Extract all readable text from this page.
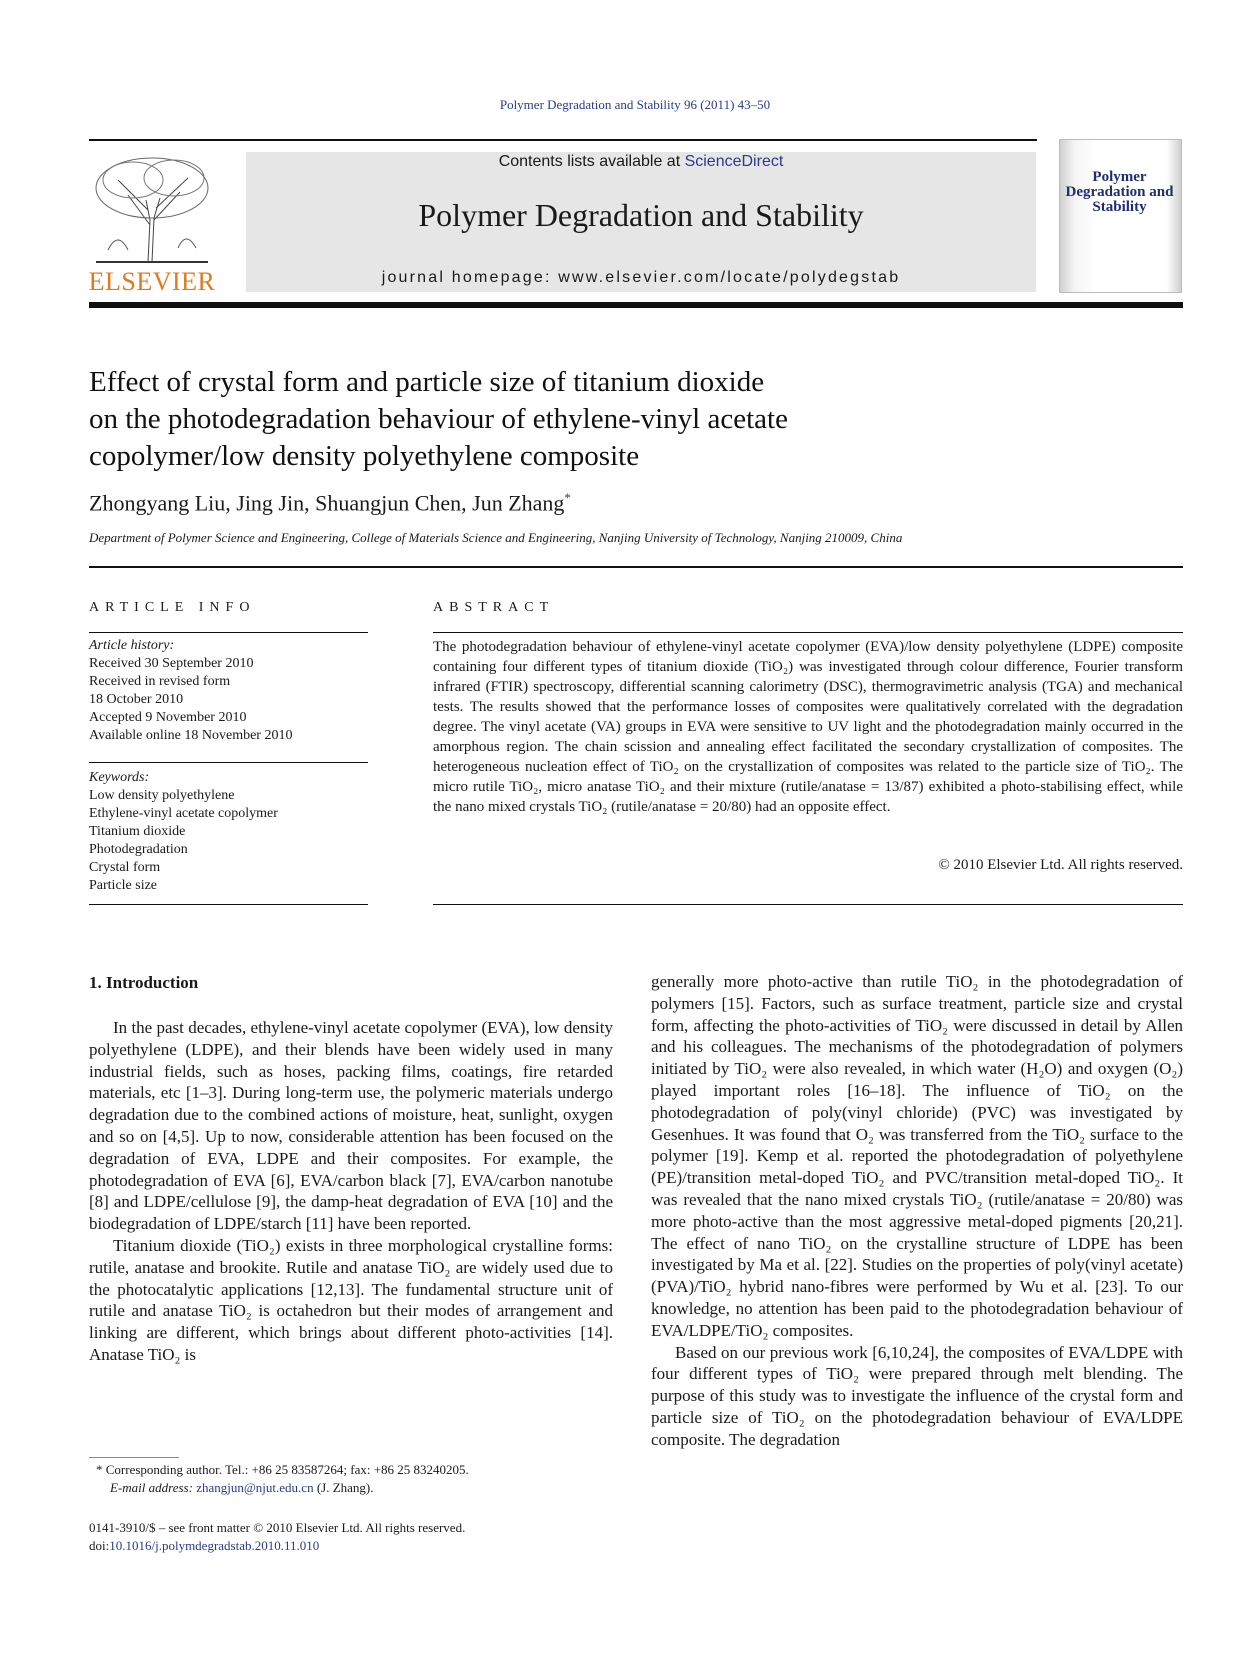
Polymer Degradation and Stability 96 (2011) 43–50
ELSEVIER
Contents lists available at ScienceDirect
Polymer Degradation and Stability
journal homepage: www.elsevier.com/locate/polydegstab
Polymer Degradation and Stability
Effect of crystal form and particle size of titanium dioxide
on the photodegradation behaviour of ethylene-vinyl acetate
copolymer/low density polyethylene composite
Zhongyang Liu, Jing Jin, Shuangjun Chen, Jun Zhang*
Department of Polymer Science and Engineering, College of Materials Science and Engineering, Nanjing University of Technology, Nanjing 210009, China
ARTICLE INFO
Article history:
Received 30 September 2010
Received in revised form
18 October 2010
Accepted 9 November 2010
Available online 18 November 2010
Keywords:
Low density polyethylene
Ethylene-vinyl acetate copolymer
Titanium dioxide
Photodegradation
Crystal form
Particle size
ABSTRACT
The photodegradation behaviour of ethylene-vinyl acetate copolymer (EVA)/low density polyethylene (LDPE) composite containing four different types of titanium dioxide (TiO₂) was investigated through colour difference, Fourier transform infrared (FTIR) spectroscopy, differential scanning calorimetry (DSC), thermogravimetric analysis (TGA) and mechanical tests. The results showed that the performance losses of composites were qualitatively correlated with the degradation degree. The vinyl acetate (VA) groups in EVA were sensitive to UV light and the photodegradation mainly occurred in the amorphous region. The chain scission and annealing effect facilitated the secondary crystallization of composites. The heterogeneous nucleation effect of TiO₂ on the crystallization of composites was related to the particle size of TiO₂. The micro rutile TiO₂, micro anatase TiO₂ and their mixture (rutile/anatase = 13/87) exhibited a photo-stabilising effect, while the nano mixed crystals TiO₂ (rutile/anatase = 20/80) had an opposite effect.
© 2010 Elsevier Ltd. All rights reserved.
1. Introduction

In the past decades, ethylene-vinyl acetate copolymer (EVA), low density polyethylene (LDPE), and their blends have been widely used in many industrial fields, such as hoses, packing films, coatings, fire retarded materials, etc [1–3]. During long-term use, the polymeric materials undergo degradation due to the combined actions of moisture, heat, sunlight, oxygen and so on [4,5]. Up to now, considerable attention has been focused on the degradation of EVA, LDPE and their composites. For example, the photodegradation of EVA [6], EVA/carbon black [7], EVA/carbon nanotube [8] and LDPE/cellulose [9], the damp-heat degradation of EVA [10] and the biodegradation of LDPE/starch [11] have been reported.

Titanium dioxide (TiO₂) exists in three morphological crystalline forms: rutile, anatase and brookite. Rutile and anatase TiO₂ are widely used due to the photocatalytic applications [12,13]. The fundamental structure unit of rutile and anatase TiO₂ is octahedron but their modes of arrangement and linking are different, which brings about different photo-activities [14]. Anatase TiO₂ is

generally more photo-active than rutile TiO₂ in the photodegradation of polymers [15]. Factors, such as surface treatment, particle size and crystal form, affecting the photo-activities of TiO₂ were discussed in detail by Allen and his colleagues. The mechanisms of the photodegradation of polymers initiated by TiO₂ were also revealed, in which water (H₂O) and oxygen (O₂) played important roles [16–18]. The influence of TiO₂ on the photodegradation of poly(vinyl chloride) (PVC) was investigated by Gesenhues. It was found that O₂ was transferred from the TiO₂ surface to the polymer [19]. Kemp et al. reported the photodegradation of polyethylene (PE)/transition metal-doped TiO₂ and PVC/transition metal-doped TiO₂. It was revealed that the nano mixed crystals TiO₂ (rutile/anatase = 20/80) was more photo-active than the most aggressive metal-doped pigments [20,21]. The effect of nano TiO₂ on the crystalline structure of LDPE has been investigated by Ma et al. [22]. Studies on the properties of poly(vinyl acetate) (PVA)/TiO₂ hybrid nano-fibres were performed by Wu et al. [23]. To our knowledge, no attention has been paid to the photodegradation behaviour of EVA/LDPE/TiO₂ composites.

Based on our previous work [6,10,24], the composites of EVA/LDPE with four different types of TiO₂ were prepared through melt blending. The purpose of this study was to investigate the influence of the crystal form and particle size of TiO₂ on the photodegradation behaviour of EVA/LDPE composite. The degradation

* Corresponding author. Tel.: +86 25 83587264; fax: +86 25 83240205.
E-mail address: zhangjun@njut.edu.cn (J. Zhang).
0141-3910/$ – see front matter © 2010 Elsevier Ltd. All rights reserved.
doi:10.1016/j.polymdegradstab.2010.11.010
